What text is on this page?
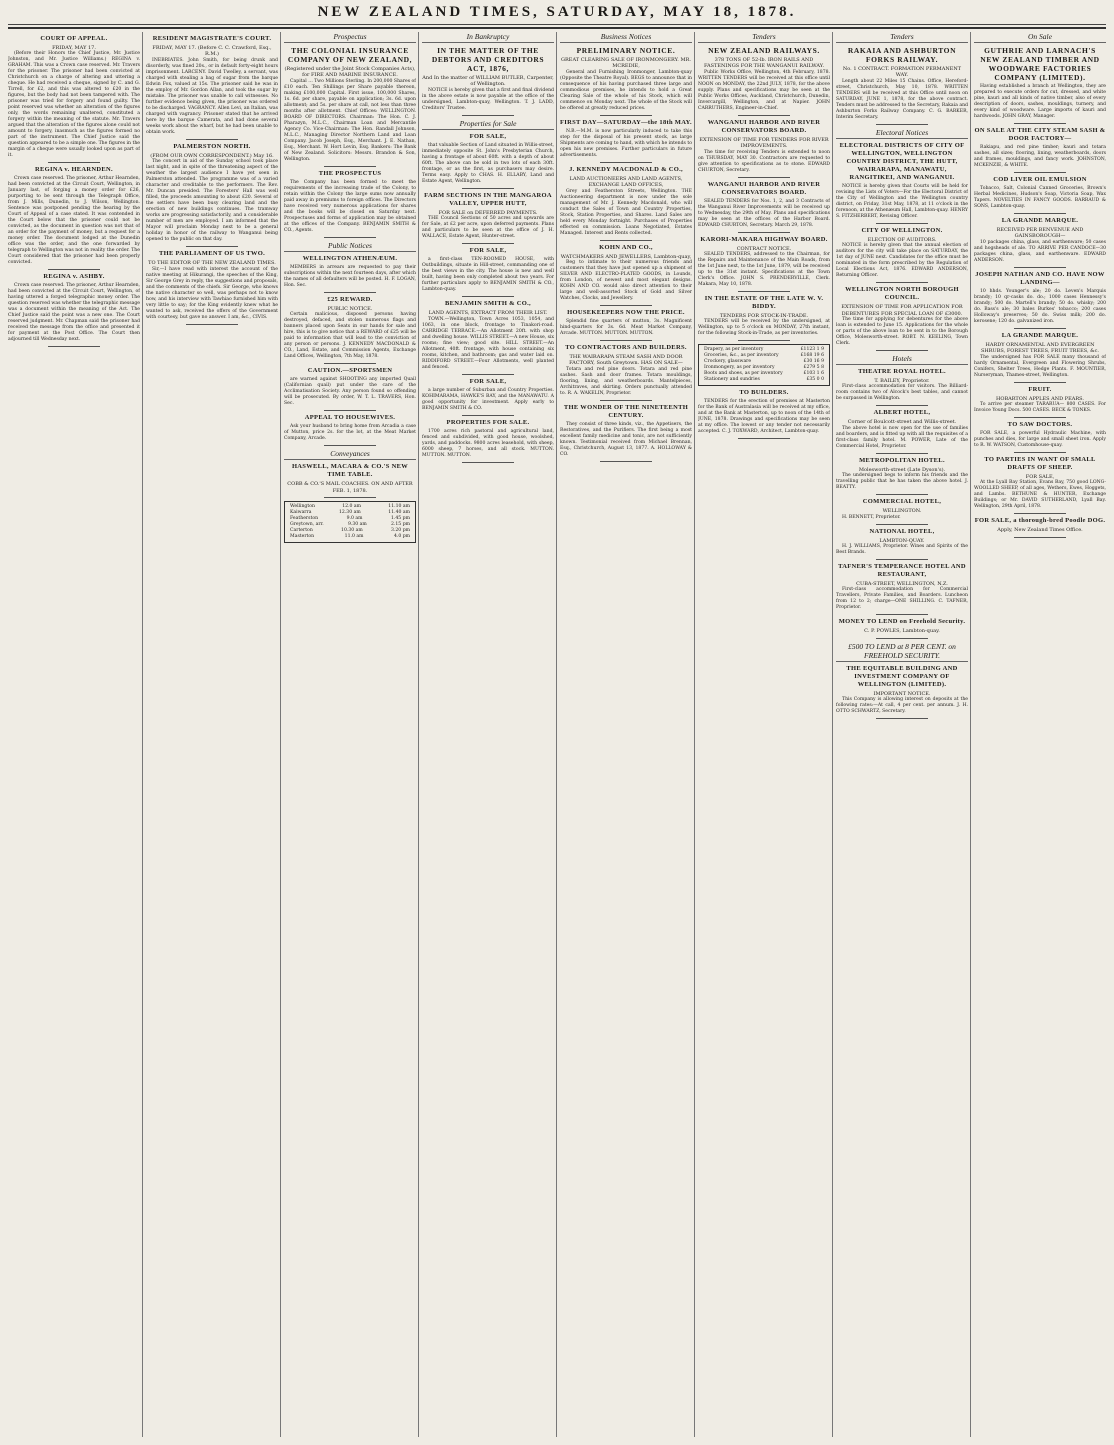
NEW ZEALAND TIMES, SATURDAY, MAY 18, 1878.
COURT OF APPEAL.
FRIDAY, MAY 17.
(Before their Honors the Chief Justice, Mr. Justice Johnston, and Mr. Justice Williams.) REGINA v. GRAHAM. This was a Crown case reserved. Mr. Travers for the prisoner. The prisoner had been convicted at Christchurch on a charge of altering and uttering a cheque. He had received a cheque, signed by C. and G. Tirrell, for £2, and this was altered to £20 in the figures, but the body had not been tampered with. The prisoner was tried for forgery and found guilty. The point reserved was whether an alteration of the figures only, the words remaining unaltered, constituted a forgery within the meaning of the statute. Mr. Travers argued that the alteration of the figures alone could not amount to forgery, inasmuch as the figures formed no part of the instrument. The Chief Justice said the question appeared to be a simple one. The figures in the margin of a cheque were usually looked upon as part of it.
REGINA v. HEARNDEN.
Crown case reserved. The prisoner, Arthur Hearnden, had been convicted at the Circuit Court, Wellington, in January last, of forging a money order for £26, purporting to be sent through the Telegraph Office, from J. Mills, Dunedin, to J. Wilson, Wellington. Sentence was postponed pending the hearing by the Court of Appeal of a case stated. It was contended in the Court below that the prisoner could not be convicted, as the document in question was not that of an order for the payment of money, but a request for a money order. The document lodged at the Dunedin office was the order, and the one forwarded by telegraph to Wellington was not in reality the order. The Court considered that the prisoner had been properly convicted.
REGINA v. ASHBY.
Crown case reserved. The prisoner, Arthur Hearnden, had been convicted at the Circuit Court, Wellington, of having uttered a forged telegraphic money order. The question reserved was whether the telegraphic message was a document within the meaning of the Act. The Chief Justice said the point was a new one. The Court reserved judgment. Mr. Chapman said the prisoner had received the message from the office and presented it for payment at the Post Office. The Court then adjourned till Wednesday next.
RESIDENT MAGISTRATE'S COURT.
FRIDAY, MAY 17. (Before C. C. Crawford, Esq., R.M.)
INEBRIATES. John Smith, for being drunk and disorderly, was fined 20s., or in default forty-eight hours imprisonment. LARCENY. David Twelley, a servant, was charged with stealing a bag of sugar from the barque Edwin Fox, valued at 15s. The prisoner said he was in the employ of Mr. Gordon Allan, and took the sugar by mistake. The prisoner was unable to call witnesses. No further evidence being given, the prisoner was ordered to be discharged. VAGRANCY. Allen Levi, an Italian, was charged with vagrancy. Prisoner stated that he arrived here by the barque Camerata, and had done several weeks work about the wharf, but he had been unable to obtain work.
PALMERSTON NORTH.
(FROM OUR OWN CORRESPONDENT.) May 16.
The concert in aid of the Sunday school took place last night, and in spite of the threatening aspect of the weather the largest audience I have yet seen in Palmerston attended. The programme was of a varied character and creditable to the performers. The Rev. Mr. Duncan presided. The Foresters' Hall was well filled, the proceeds amounting to about £20. Several of the settlers have been busy clearing land and the erection of new buildings continues. The tramway works are progressing satisfactorily, and a considerable number of men are employed. I am informed that the Mayor will proclaim Monday next to be a general holiday in honor of the railway to Wanganui being opened to the public on that day.
THE PARLIAMENT OF US TWO.
TO THE EDITOR OF THE NEW ZEALAND TIMES.
Sir,—I have read with interest the account of the native meeting at Hikurangi, the speeches of the King, Sir George Grey in reply, the suggestions and proposals, and the comments of the chiefs. Sir George, who knows the native character so well, was perhaps not to know how, and his interview with Tawhiao furnished him with very little to say; for the King evidently knew what he wanted to ask, received the offers of the Government with courtesy, but gave no answer. I am, &c., CIVIS.
Prospectus
THE COLONIAL INSURANCE COMPANY OF NEW ZEALAND,
(Registered under the Joint Stock Companies Acts), for FIRE AND MARINE INSURANCE.
Capital … Two Millions Sterling. In 200,000 Shares of £10 each. Ten Shillings per Share payable thereon, making £100,000 Capital. First issue, 100,000 Shares, 1s. 6d. per share, payable on application; 3s. 6d. upon allotment; and 5s. per share at call, not less than three months after allotment. Chief Offices: WELLINGTON. BOARD OF DIRECTORS. Chairman: The Hon. C. J. Pharazyn, M.L.C., Chairman Loan and Mercantile Agency Co. Vice-Chairman: The Hon. Randall Johnson, M.L.C., Managing Director Northern Land and Loan Company. Jacob Joseph, Esq., Merchant. J. E. Nathan, Esq., Merchant. W. Hort Levin, Esq. Bankers: The Bank of New Zealand. Solicitors: Messrs. Brandon & Son, Wellington.
THE PROSPECTUS
The Company has been formed to meet the requirements of the increasing trade of the Colony, to retain within the Colony the large sums now annually paid away in premiums to foreign offices. The Directors have received very numerous applications for shares and the books will be closed on Saturday next. Prospectuses and forms of application may be obtained at the offices of the Company. BENJAMIN SMITH & CO., Agents.
Public Notices
WELLINGTON ATHENÆUM.
MEMBERS in arrears are requested to pay their subscriptions within the next fourteen days, after which the names of all defaulters will be posted. H. F. LOGAN, Hon. Sec.
£25 REWARD.
PUBLIC NOTICE.
Certain malicious, disposed persons having destroyed, defaced, and stolen numerous flags and banners placed upon Seats in our hands for sale and hire, this is to give notice that a REWARD of £25 will be paid to information that will lead to the conviction of any person or persons. J. KENNEDY MACDONALD & CO., Land, Estate, and Commission Agents, Exchange Land Offices, Wellington, 7th May, 1878.
CAUTION.—SPORTSMEN
are warned against SHOOTING any imported Quail (Californian quail) put under the care of the Acclimatisation Society. Any person found so offending will be prosecuted. By order, W. T. L. TRAVERS, Hon. Sec.
APPEAL TO HOUSEWIVES.
Ask your husband to bring home from Arcadia a case of Mutton, price 2s. for the lot, at the Meat Market Company, Arcade.
Conveyances
HASWELL, MACARA & CO.'S NEW TIME TABLE.
COBB & CO.'S MAIL COACHES. ON AND AFTER FEB. 1, 1878.
Wellington	12.0 am	11.10 am
Kaiwarra	12.30 am	11.40 am
Featherston	9.0 am	1.45 pm
Greytown, arr.	9.30 am	2.15 pm
Carterton	10.30 am	3.20 pm
Masterton	11.0 am	4.0 pm
In Bankruptcy
IN THE MATTER OF THE DEBTORS AND CREDITORS ACT, 1876,
And In the matter of WILLIAM BUTLER, Carpenter, of Wellington.
NOTICE is hereby given that a first and final dividend in the above estate is now payable at the office of the undersigned, Lambton-quay, Wellington. T. J. LADD, Creditors' Trustee.
Properties for Sale
FOR SALE,
that valuable Section of Land situated in Willis-street, immediately opposite St. John's Presbyterian Church, having a frontage of about 60ft. with a depth of about 60ft. The above can be sold in two lots of each 30ft. frontage, or as the first, as purchasers may desire. Terms easy. Apply to CHAS. H. ELLABY, Land and Estate Agent, Wellington.
FARM SECTIONS IN THE MANGAROA VALLEY, UPPER HUTT,
FOR SALE on DEFERRED PAYMENTS.
THE Council Sections of 50 acres and upwards are for Sale, at £2 per acre, upon deferred payments. Plans and particulars to be seen at the office of J. H. WALLACE, Estate Agent, Hunter-street.
FOR SALE,
a first-class TEN-ROOMED HOUSE, with Outbuildings, situate in Hill-street, commanding one of the best views in the city. The house is new and well built, having been only completed about two years. For further particulars apply to BENJAMIN SMITH & CO., Lambton-quay.
BENJAMIN SMITH & CO.,
LAND AGENTS, EXTRACT FROM THEIR LIST.
TOWN.—Wellington, Town Acres 1053, 1054, and 1063, in one block, frontage to Tinakori-road. CARRIDGE TERRACE.—An Allotment 20ft. with shop and dwelling house. WILLIS STREET.—A new House, six rooms; fine view; good site. HILL STREET.—An Allotment, 40ft. frontage, with house containing six rooms, kitchen, and bathroom; gas and water laid on. RIDDIFORD STREET.—Four Allotments, well planted and fenced.
FOR SALE,
a large number of Suburban and Country Properties. KOHIMARAMA, HAWKE'S BAY, and the MANAWATU. A good opportunity for investment. Apply early to BENJAMIN SMITH & CO.
PROPERTIES FOR SALE.
1700 acres rich pastoral and agricultural land, fenced and subdivided, with good house, woolshed, yards, and paddocks. 9800 acres leasehold, with sheep, 6000 sheep, 7 horses, and all stock. MUTTON. MUTTON. MUTTON.
Business Notices
PRELIMINARY NOTICE.
GREAT CLEARING SALE OF IRONMONGERY. MR. MCREDIE,
General and Furnishing Ironmonger, Lambton-quay (Opposite the Theatre Royal). BEGS to announce that in consequence of his having purchased three large and commodious premises, he intends to hold a Great Clearing Sale of the whole of his Stock, which will commence on Monday next. The whole of the Stock will be offered at greatly reduced prices.
FIRST DAY—SATURDAY—the 18th MAY.
N.B.—M.M. is now particularly induced to take this step for the disposal of his present stock, as large Shipments are coming to hand, with which he intends to open his new premises. Further particulars in future advertisements.
J. KENNEDY MACDONALD & CO.,
LAND AUCTIONEERS AND LAND AGENTS, EXCHANGE LAND OFFICES,
Grey and Featherston Streets, Wellington. THE Auctioneering department is now under the sole management of Mr. J. Kennedy Macdonald, who will conduct the Sales of Town and Country Properties, Stock, Station Properties, and Shares. Land Sales are held every Monday fortnight. Purchases of Properties effected on commission. Loans Negotiated, Estates Managed. Interest and Rents collected.
KOHN AND CO.,
WATCHMAKERS AND JEWELLERS, Lambton-quay,
Beg to intimate to their numerous friends and customers that they have just opened up a shipment of SILVER AND ELECTRO-PLATED GOODS, in Lounds, from London, of newest and most elegant designs. KOHN AND CO. would also direct attention to their large and well-assorted Stock of Gold and Silver Watches, Clocks, and Jewellery.
HOUSEKEEPERS NOW THE PRICE.
Splendid fine quarters of mutton, 3s. Magnificent hind-quarters for 3s. 6d. Meat Market Company, Arcade. MUTTON. MUTTON. MUTTON.
TO CONTRACTORS AND BUILDERS.
THE WAIRARAPA STEAM SASH AND DOOR FACTORY, South Greytown. HAS ON SALE—
Totara and red pine doors. Totara and red pine sashes. Sash and door frames. Totara mouldings, flooring, lining, and weatherboards. Mantelpieces, Architraves, and skirting. Orders punctually attended to. R. A. WAKELIN, Proprietor.
THE WONDER OF THE NINETEENTH CENTURY.
They consist of three kinds, viz., the Appetisers, the Restoratives, and the Purifiers. The first being a most excellent family medicine and tonic, are not sufficiently known. Testimonial received from Michael Brennan, Esq., Christchurch, August 13, 1877. A. HOLLOWAY & CO.
Tenders
NEW ZEALAND RAILWAYS.
378 TONS OF 52-lb. IRON RAILS AND FASTENINGS FOR THE WANGANUI RAILWAY.
Public Works Office, Wellington, 4th February, 1878. WRITTEN TENDERS will be received at this office until NOON on MONDAY, the 22nd JULY, 1878, for the above supply. Plans and specifications may be seen at the Public Works Offices, Auckland, Christchurch, Dunedin, Invercargill, Wellington, and at Napier. JOHN CARRUTHERS, Engineer-in-Chief.
WANGANUI HARBOR AND RIVER CONSERVATORS BOARD.
EXTENSION OF TIME FOR TENDERS FOR RIVER IMPROVEMENTS.
The time for receiving Tenders is extended to noon on THURSDAY, MAY 30. Contractors are requested to give attention to specifications as to stone. EDWARD CHURTON, Secretary.
WANGANUI HARBOR AND RIVER CONSERVATORS BOARD.
SEALED TENDERS for Nos. 1, 2, and 3 Contracts of the Wanganui River Improvements will be received up to Wednesday, the 29th of May. Plans and specifications may be seen at the offices of the Harbor Board. EDWARD CHURTON, Secretary. March 29, 1878.
KARORI-MAKARA HIGHWAY BOARD.
CONTRACT NOTICE.
SEALED TENDERS, addressed to the Chairman, for the Repairs and Maintenance of the Main Roads, from the 1st June next, to the 1st June, 1879, will be received up to the 31st instant. Specifications at the Town Clerk's Office. JOHN S. PRENDERVILLE, Clerk. Makara, May 10, 1878.
IN THE ESTATE OF THE LATE W. V. BIDDY.
TENDERS FOR STOCK-IN-TRADE.
TENDERS will be received by the undersigned, at Wellington, up to 5 o'clock on MONDAY, 27th instant, for the following Stock-in-Trade, as per inventories.
Drapery, as per inventory	£1123 1 9
Groceries, &c., as per inventory	£168 19 6
Crockery, glassware	£30 16 9
Ironmongery, as per inventory	£279 5 8
Boots and shoes, as per inventory	£103 1 6
Stationery and sundries	£35 0 0
TO BUILDERS.
TENDERS for the erection of premises at Masterton for the Bank of Australasia will be received at my office, and at the Bank at Masterton, up to noon of the 14th of JUNE, 1878. Drawings and specifications may be seen at my office. The lowest or any tender not necessarily accepted. C. J. TOXWARD, Architect, Lambton-quay.
Tenders
RAKAIA AND ASHBURTON FORKS RAILWAY.
No. 1 CONTRACT. FORMATION PERMANENT WAY.
Length about 22 Miles 15 Chains. Office, Hereford-street, Christchurch, May 10, 1878. WRITTEN TENDERS will be received at this Office until noon on SATURDAY, JUNE 1, 1878, for the above contract. Tenders must be addressed to the Secretary, Rakaia and Ashburton Forks Railway Company. C. G. BARKER, Interim Secretary.
Electoral Notices
ELECTORAL DISTRICTS OF CITY OF WELLINGTON, WELLINGTON COUNTRY DISTRICT, THE HUTT, WAIRARAPA, MANAWATU, RANGITIKEI, AND WANGANUI.
NOTICE is hereby given that Courts will be held for revising the Lists of Voters—For the Electoral District of the City of Wellington and the Wellington country district, on Friday, 31st May, 1878, at 11 o'clock in the forenoon, at the Athenæum Hall, Lambton-quay. HENRY S. FITZHERBERT, Revising Officer.
CITY OF WELLINGTON.
ELECTION OF AUDITORS.
NOTICE is hereby given that the annual election of auditors for the city will take place on SATURDAY, the 1st day of JUNE next. Candidates for the office must be nominated in the form prescribed by the Regulation of Local Elections Act, 1876. EDWARD ANDERSON, Returning Officer.
WELLINGTON NORTH BOROUGH COUNCIL.
EXTENSION OF TIME FOR APPLICATION FOR DEBENTURES FOR SPECIAL LOAN OF £3000.
The time for applying for debentures for the above loan is extended to June 15. Applications for the whole or parts of the above loan to be sent in to the Borough Office, Molesworth-street. ROBT. N. KEELING, Town Clerk.
Hotels
THEATRE ROYAL HOTEL.
T. BAILEY, Proprietor.
First-class accommodation for visitors. The Billiard-room contains two of Alcock's best tables, and cannot be surpassed in Wellington.
ALBERT HOTEL,
Corner of Boulcott-street and Willis-street.
The above hotel is now open for the use of families and boarders, and is fitted up with all the requisites of a first-class family hotel. M. POWER, Late of the Commercial Hotel, Proprietor.
METROPOLITAN HOTEL.
Molesworth-street (Late Dyson's).
The undersigned begs to inform his friends and the travelling public that he has taken the above hotel. J. BEATTY.
COMMERCIAL HOTEL,
WELLINGTON.
H. BENNETT, Proprietor.
NATIONAL HOTEL,
LAMBTON-QUAY.
H. J. WILLIAMS, Proprietor. Wines and Spirits of the Best Brands.
TAFNER'S TEMPERANCE HOTEL AND RESTAURANT,
CUBA-STREET, WELLINGTON, N.Z.
First-class accommodation for Commercial Travellers, Private Families, and Boarders. Luncheon from 12 to 2; charge—ONE SHILLING. C. TAFNER, Proprietor.
MONEY TO LEND on Freehold Security.
C. P. POWLES, Lambton-quay.
£500 TO LEND at 8 PER CENT. on FREEHOLD SECURITY.
THE EQUITABLE BUILDING AND INVESTMENT COMPANY OF WELLINGTON (LIMITED).
IMPORTANT NOTICE.
This Company is allowing interest on deposits at the following rates:—At call, 4 per cent. per annum. J. H. OTTO SCHWARTZ, Secretary.
On Sale
GUTHRIE AND LARNACH'S NEW ZEALAND TIMBER AND WOODWARE FACTORIES COMPANY (LIMITED).
Having established a branch at Wellington, they are prepared to execute orders for cut, dressed, and white pine, kauri and all kinds of native timber, also of every description of doors, sashes, mouldings, turnery, and every kind of woodware. Large imports of kauri and hardwoods. JOHN GRAY, Manager.
ON SALE AT THE CITY STEAM SASH & DOOR FACTORY—
Rakiapu, and red pine timber; kauri and totara sashes, all sizes; flooring, lining, weatherboards, doors and frames, mouldings, and fancy work. JOHNSTON, MCKENZIE, & WHITE.
COD LIVER OIL EMULSION
Tobacco, Salt, Colonial Canned Groceries, Brown's Herbal Medicines, Hudson's Soap, Victoria Soap, Wax Tapers. NOVELTIES IN FANCY GOODS. BARRAUD & SONS, Lambton-quay.
LA GRANDE MARQUE.
RECEIVED PER BENVENUE AND GAINSBOROUGH—
10 packages china, glass, and earthenware; 50 cases and hogsheads of ale. TO ARRIVE PER CANDOCE—30 packages china, glass, and earthenware. EDWARD ANDERSON.
JOSEPH NATHAN AND CO. HAVE NOW LANDING—
10 hhds. Younger's ale; 20 do. Leven's Marquis brandy; 10 qr-casks do. do.; 1000 cases Hennessy's brandy; 500 do. Martell's brandy; 50 do. whisky; 200 do. Bass's ale; 30 bales Burkes' tobacco; 200 cases Holloway's preserves; 50 do. Swiss milk; 200 do. kerosene; 120 do. galvanized iron.
LA GRANDE MARQUE.
HARDY ORNAMENTAL AND EVERGREEN SHRUBS, FOREST TREES, FRUIT TREES, &c.
The undersigned has FOR SALE many thousand of hardy Ornamental, Evergreen and Flowering Shrubs, Conifers, Shelter Trees, Hedge Plants. F. MOUNTIER, Nurseryman, Thames-street, Wellington.
FRUIT.
HOBARTON APPLES AND PEARS.
To arrive per steamer TARARUA— 800 CASES. For Invoice Young Docs. 500 CASES. BECK & TONKS.
TO SAW DOCTORS.
FOR SALE, a powerful Hydraulic Machine, with punches and dies, for large and small sheet iron. Apply to R. W. WATSON, Customhouse-quay.
TO PARTIES IN WANT OF SMALL DRAFTS OF SHEEP.
FOR SALE,
At the Lyall Bay Station, Evans Bay, 750 good LONG-WOOLLED SHEEP, of all ages, Wethers, Ewes, Hoggets, and Lambs. BETHUNE & HUNTER, Exchange Buildings; or Mr. DAVID SUTHERLAND, Lyall Bay. Wellington, 29th April, 1878.
FOR SALE, a thorough-bred Poodle DOG.
Apply, New Zealand Times Office.
